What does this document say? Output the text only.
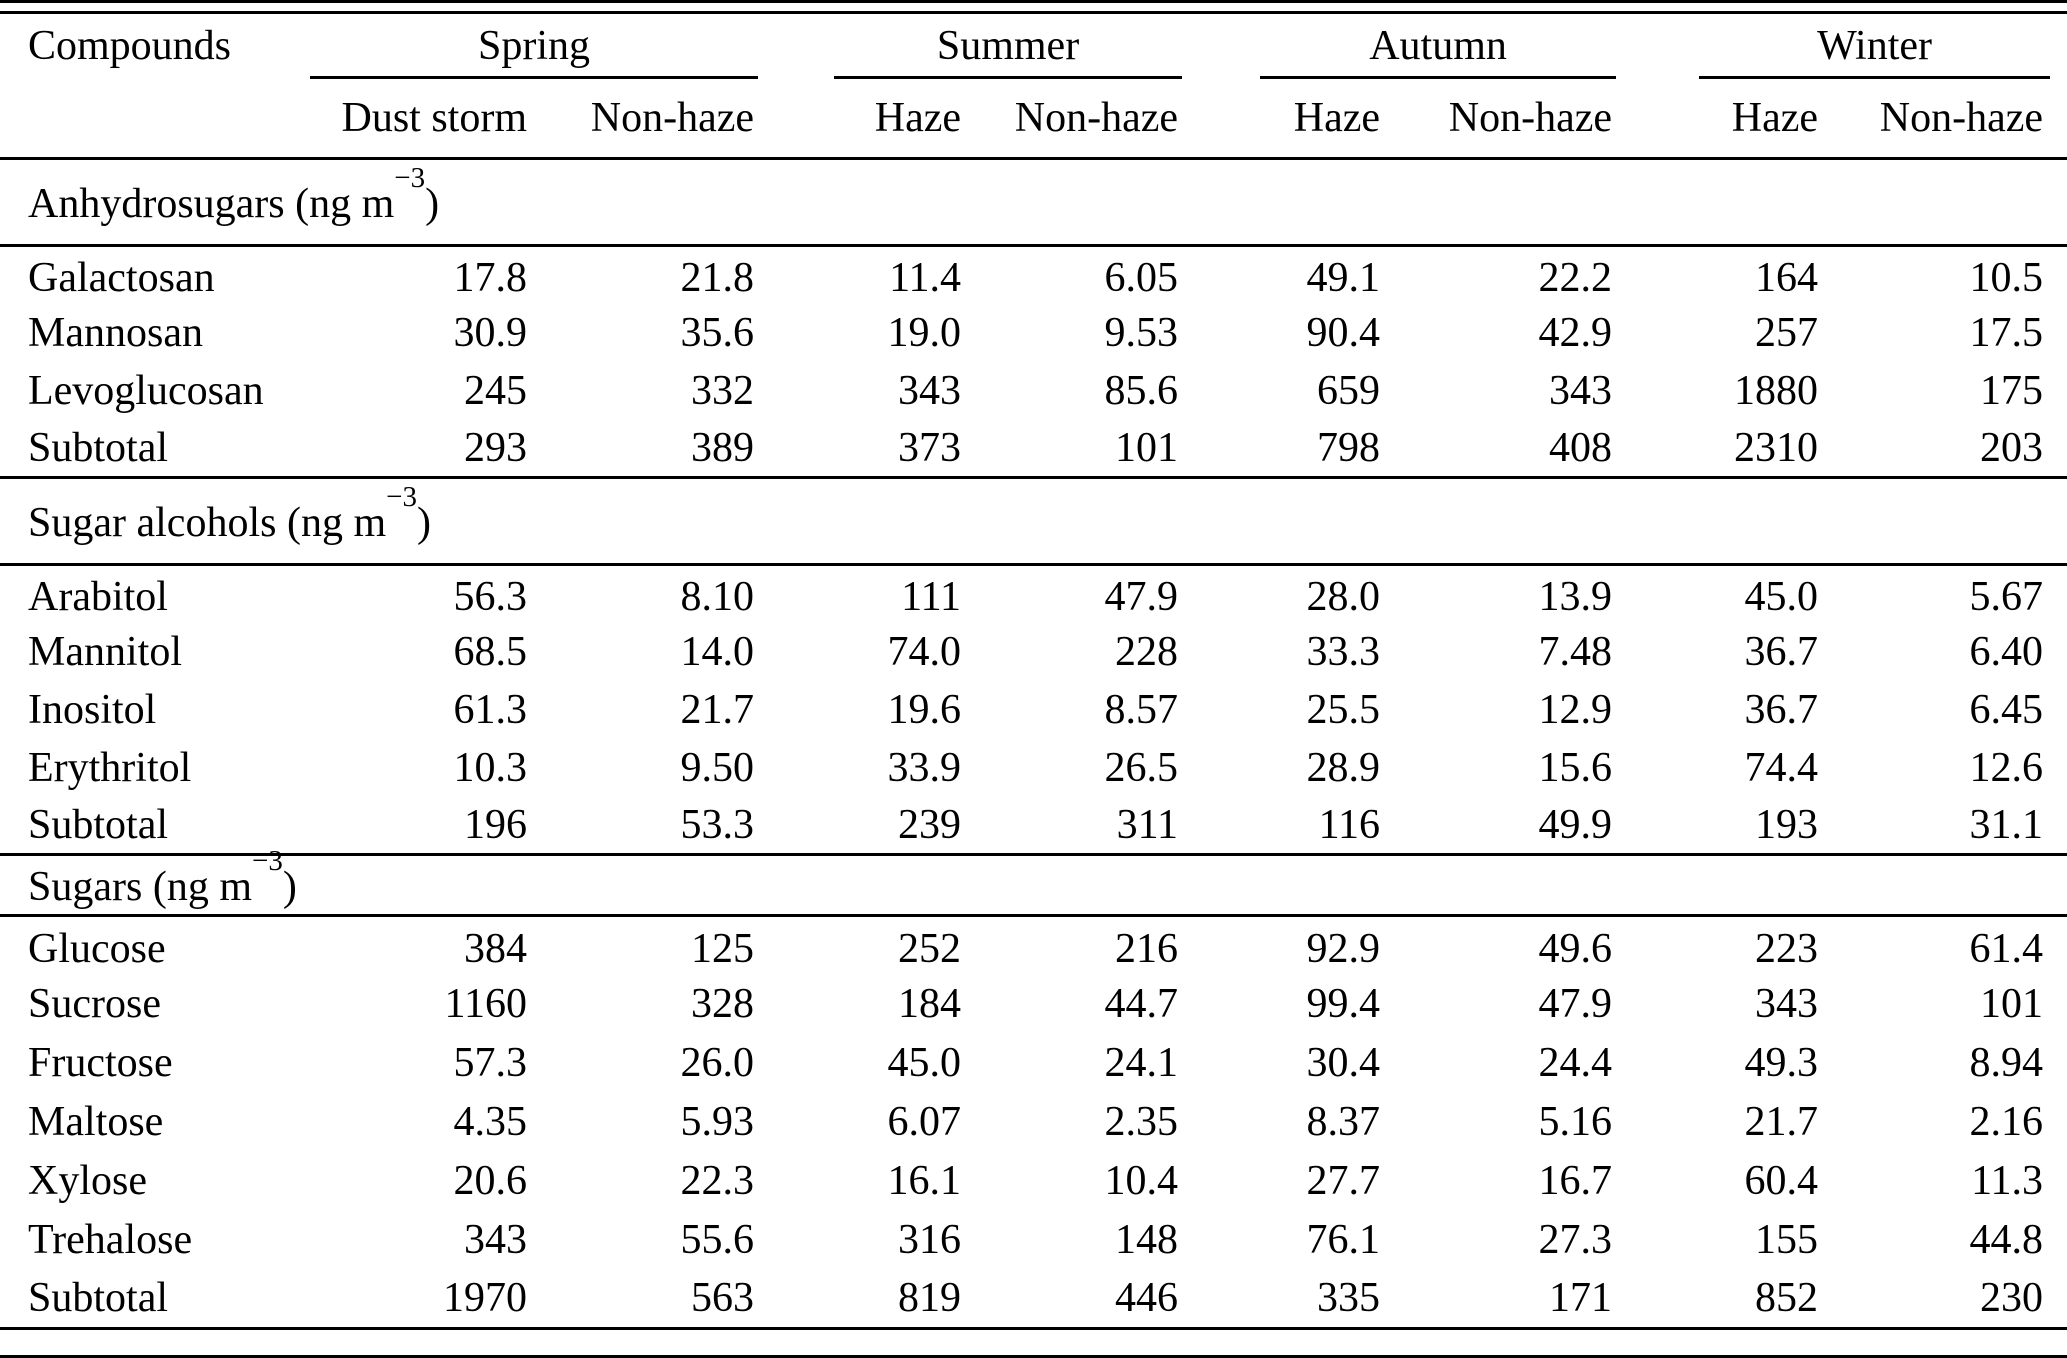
Compounds	Spring		Summer		Autumn		Winter	

	Dust storm	Non-haze	Haze	Non-haze	Haze	Non-haze	Haze	Non-haze
Anhydrosugars (ng $m^{-3}$)								
Galactosan	17.8	21.8	11.4	6.05	49.1	22.2	164	10.5
Mannosan	30.9	35.6	19.0	9.53	90.4	42.9	257	17.5
Levoglucosan	245	332	343	85.6	659	343	1880	175
Subtotal	293	389	373	101	798	408	2310	203
Sugar alcohols (ng $m^{-3}$)								
Arabitol	56.3	8.10	111	47.9	28.0	13.9	45.0	5.67
Mannitol	68.5	14.0	74.0	228	33.3	7.48	36.7	6.40
Inositol	61.3	21.7	19.6	8.57	25.5	12.9	36.7	6.45
Erythritol	10.3	9.50	33.9	26.5	28.9	15.6	74.4	12.6
Subtotal	196	53.3	239	311	116	49.9	193	31.1
Sugars (ng $m^{-3}$)								
Glucose	384	125	252	216	92.9	49.6	223	61.4
Sucrose	1160	328	184	44.7	99.4	47.9	343	101
Fructose	57.3	26.0	45.0	24.1	30.4	24.4	49.3	8.94
Maltose	4.35	5.93	6.07	2.35	8.37	5.16	21.7	2.16
Xylose	20.6	22.3	16.1	10.4	27.7	16.7	60.4	11.3
Trehalose	343	55.6	316	148	76.1	27.3	155	44.8
Subtotal	1970	563	819	446	335	171	852	230
